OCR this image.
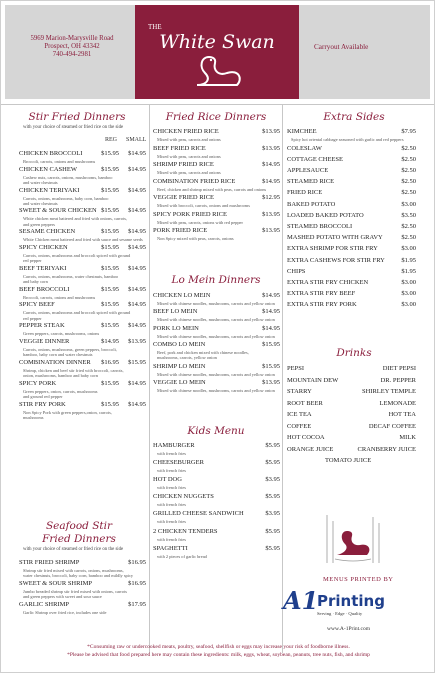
5969 Marion-Marysville Road
Prospect, OH 43342
740-494-2981
THE
White Swan	Carryout Available
Stir Fried Dinners
with your choice of steamed or fried rice on the side
REG SMALL
CHICKEN BROCCOLI	$15.95 $14.95
Broccoli, carrots, onions and mushrooms
CHICKEN CASHEW	$15.95 $14.95
Cashew nuts, carrots, onions, mushrooms, bamboo
and water chestnuts
CHICKEN TERIYAKI	$15.95 $14.95
Carrots, onions, mushrooms, baby corn, bamboo
and water chestnuts
SWEET & SOUR CHICKEN $15.95 $14.95
White chicken meat battered and fried with onions, carrots,
and green peppers
SESAME CHICKEN	$15.95 $14.95
White Chicken meat battered and fried with sauce and sesame seeds
SPICY CHICKEN	$15.95 $14.95
Carrots, onions, mushrooms and broccoli spiced with ground
red pepper
BEEF TERIYAKI	$15.95 $14.95
Carrots, onions, mushrooms, water chestnuts, bamboo
and baby corn
BEEF BROCCOLI	$15.95 $14.95
Broccoli, carrots, onions and mushrooms
SPICY BEEF	$15.95 $14.95
Carrots, onions, mushrooms and broccoli spiced with ground
red pepper
PEPPER STEAK	$15.95 $14.95
Green peppers, carrots, mushrooms, onions
VEGGIE DINNER	$14.95 $13.95
Carrots, onions, mushrooms, green peppers, broccoli,
bamboo, baby corn and water chestnuts
COMBINATION DINNER $16.95 $15.95
Shrimp, chicken and beef stir fried with broccoli, carrots,
onion, mushrooms, bamboo and baby corn
SPICY PORK	$15.95 $14.95
Green peppers, onion, carrots, mushrooms
and ground red pepper
STIR FRY PORK	$15.95 $14.95
Non Spicy Pork with green peppers,onion, carrots,
mushrooms
Seafood Stir
Fried Dinners
with your choice of steamed or fried rice on the side
STIR FRIED SHRIMP	$16.95
Shrimp stir fried mixed with carrots, onions, mushrooms,
water chestnuts, broccoli, baby corn, bamboo and mildly spicy
SWEET & SOUR SHRIMP	$16.95
Jumbo breaded shrimp stir fried mixed with onions, carrots
and green peppers with sweet and sour sauce
GARLIC SHRIMP	$17.95
Garlic Shrimp over fried rice, includes one side
Fried Rice Dinners
CHICKEN FRIED RICE	$13.95
Mixed with peas, carrots and onions
BEEF FRIED RICE	$13.95
Mixed with peas, carrots and onions
SHRIMP FRIED RICE	$14.95
Mixed with peas, carrots and onions
COMBINATION FRIED RICE	$14.95
Beef, chicken and shrimp mixed with peas, carrots and onions
VEGGIE FRIED RICE	$12.95
Mixed with broccoli, carrots, onions and mushrooms
SPICY PORK FRIED RICE	$13.95
Mixed with peas, carrots, onions with red pepper
PORK FRIED RICE	$13.95
Non Spicy mixed with peas, carrots, onions
Lo Mein Dinners
CHICKEN LO MEIN	$14.95
Mixed with chinese noodles, mushrooms, carrots and yellow onion
BEEF LO MEIN	$14.95
Mixed with chinese noodles, mushrooms, carrots and yellow onion
PORK LO MEIN	$14.95
Mixed with chinese noodles, mushrooms, carrots and yellow onion
COMBO LO MEIN	$15.95
Beef, pork and chicken mixed with chinese noodles,
mushrooms, carrots, yellow onion
SHRIMP LO MEIN	$15.95
Mixed with chinese noodles, mushrooms, carrots and yellow onion
VEGGIE LO MEIN	$13.95
Mixed with chinese noodles, mushrooms, carrots and yellow onion
Kids Menu
HAMBURGER	$5.95
with french fries
CHEESEBURGER	$5.95
with french fries
HOT DOG	$3.95
with french fries
CHICKEN NUGGETS	$5.95
with french fries
GRILLED CHEESE SANDWICH	$3.95
with french fries
2 CHICKEN TENDERS	$5.95
with french fries
SPAGHETTI	$5.95
with 2 pieces of garlic bread
Extra Sides
KIMCHEE	$7.95
Spicy hot oriental cabbage seasoned with garlic and red peppers
COLESLAW	$2.50
COTTAGE CHEESE	$2.50
APPLESAUCE	$2.50
STEAMED RICE	$2.50
FRIED RICE	$2.50
BAKED POTATO	$3.00
LOADED BAKED POTATO	$3.50
STEAMED BROCCOLI	$2.50
MASHED POTATO WITH GRAVY	$2.50
EXTRA SHRIMP FOR STIR FRY	$3.00
EXTRA CASHEWS FOR STIR FRY	$1.95
CHIPS	$1.95
EXTRA STIR FRY CHICKEN	$3.00
EXTRA STIR FRY BEEF	$3.00
EXTRA STIR FRY PORK	$3.00
Drinks
PEPSI	DIET PEPSI
MOUNTAIN DEW	DR. PEPPER
STARRY	SHIRLEY TEMPLE
ROOT BEER	LEMONADE
ICE TEA	HOT TEA
COFFEE	DECAF COFFEE
HOT COCOA	MILK
ORANGE JUICE	CRANBERRY JUICE
TOMATO JUICE
MENUS PRINTED BY
A1
Printing
Serving · Edge · Quality
www.A-1Print.com
*Consuming raw or undercooked meats, poultry, seafood, shellfish or eggs may increase your risk of foodborne illness.
*Please be advised that food prepared here may contain these ingredients: milk, eggs, wheat, soybean, peanuts, tree nuts, fish, and shrimp
